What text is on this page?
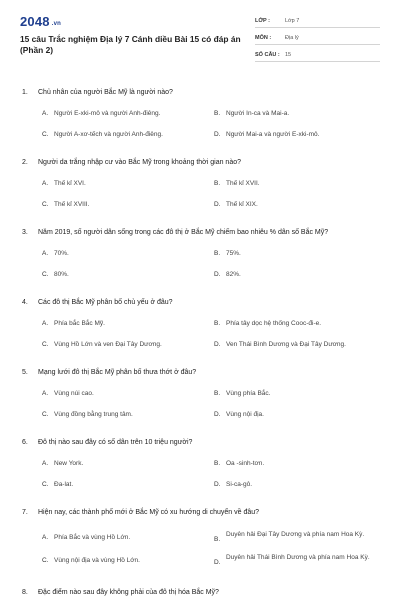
2048 .vn
15 câu Trắc nghiệm Địa lý 7 Cánh diều Bài 15 có đáp án (Phần 2)
LỚP :	Lớp 7
MÔN :	Địa lý
SỐ CÂU : 15
1.	Chủ nhân của người Bắc Mỹ là người nào?
A. Người E-xki-mô và người Anh-điêng.	B. Người In-ca và Mai-a.
C. Người A-xơ-tếch và người Anh-điêng.	D. Người Mai-a và người E-xki-mô.
2.	Người da trắng nhập cư vào Bắc Mỹ trong khoảng thời gian nào?
A. Thế kỉ XVI.	B. Thế kỉ XVII.
C. Thế kỉ XVIII.	D. Thế kỉ XIX.
3.	Năm 2019, số người dân sống trong các đô thị ở Bắc Mỹ chiếm bao nhiêu % dân số Bắc Mỹ?
A. 70%.	B. 75%.
C. 80%.	D. 82%.
4.	Các đô thị Bắc Mỹ phân bố chủ yếu ở đâu?
A. Phía bắc Bắc Mỹ.	B. Phía tây dọc hệ thống Cooc-đi-e.
C. Vùng Hồ Lớn và ven Đại Tây Dương.	D. Ven Thái Bình Dương và Đại Tây Dương.
5.	Mạng lưới đô thị Bắc Mỹ phân bố thưa thớt ở đâu?
A. Vùng núi cao.	B. Vùng phía Bắc.
C. Vùng đồng bằng trung tâm.	D. Vùng nội địa.
6.	Đô thị nào sau đây có số dân trên 10 triệu người?
A. New York.	B. Oa -sinh-tơn.
C. Đa-lat.	D. Si-ca-gô.
7.	Hiện nay, các thành phố mới ở Bắc Mỹ có xu hướng di chuyển về đâu?
A. Phía Bắc và vùng Hồ Lớn.	B.
Duyên hải Đại Tây Dương và phía nam Hoa Kỳ.
C. Vùng nội địa và vùng Hồ Lớn.	D.
Duyên hải Thái Bình Dương và phía nam Hoa Kỳ.
8.	Đặc điểm nào sau đây không phải của đô thị hóa Bắc Mỹ?
